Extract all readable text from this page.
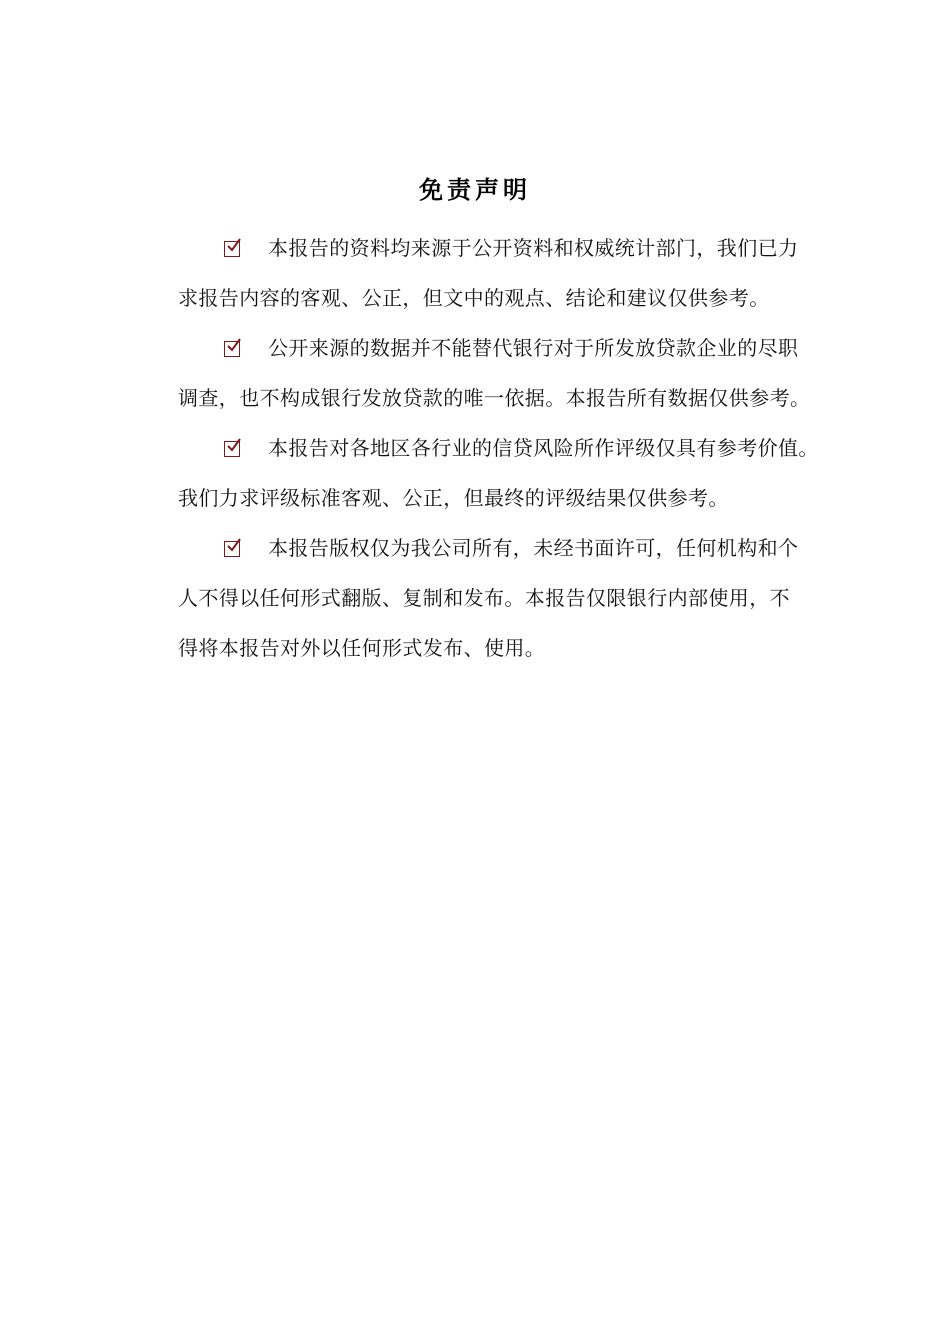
免责声明
本报告的资料均来源于公开资料和权威统计部门，我们已力
求报告内容的客观、公正，但文中的观点、结论和建议仅供参考。
公开来源的数据并不能替代银行对于所发放贷款企业的尽职
调查，也不构成银行发放贷款的唯一依据。本报告所有数据仅供参考。
本报告对各地区各行业的信贷风险所作评级仅具有参考价值。
我们力求评级标准客观、公正，但最终的评级结果仅供参考。
本报告版权仅为我公司所有，未经书面许可，任何机构和个
人不得以任何形式翻版、复制和发布。本报告仅限银行内部使用，不
得将本报告对外以任何形式发布、使用。
